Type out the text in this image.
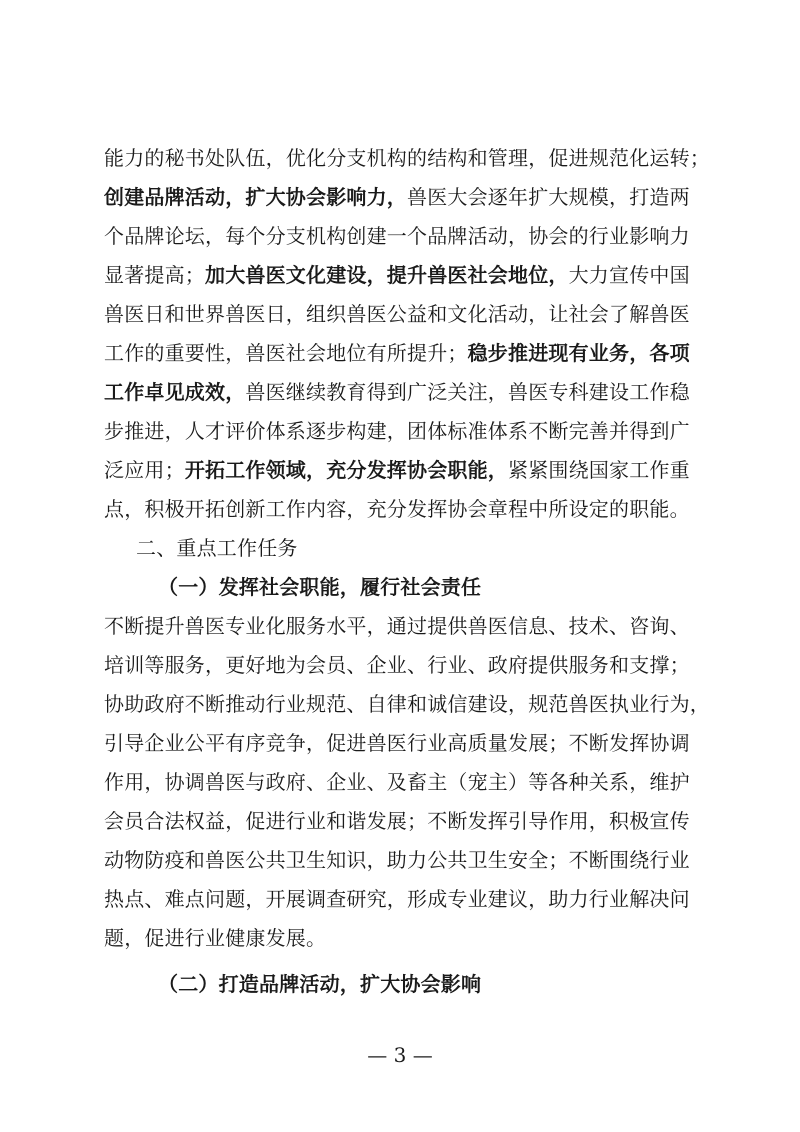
能力的秘书处队伍，优化分支机构的结构和管理，促进规范化运转；
创建品牌活动，扩大协会影响力，兽医大会逐年扩大规模，打造两
个品牌论坛，每个分支机构创建一个品牌活动，协会的行业影响力
显著提高；加大兽医文化建设，提升兽医社会地位，大力宣传中国
兽医日和世界兽医日，组织兽医公益和文化活动，让社会了解兽医
工作的重要性，兽医社会地位有所提升；稳步推进现有业务，各项
工作卓见成效，兽医继续教育得到广泛关注，兽医专科建设工作稳
步推进，人才评价体系逐步构建，团体标准体系不断完善并得到广
泛应用；开拓工作领域，充分发挥协会职能，紧紧围绕国家工作重
点，积极开拓创新工作内容，充分发挥协会章程中所设定的职能。
二、重点工作任务
（一）发挥社会职能，履行社会责任
不断提升兽医专业化服务水平，通过提供兽医信息、技术、咨询、
培训等服务，更好地为会员、企业、行业、政府提供服务和支撑；
协助政府不断推动行业规范、自律和诚信建设，规范兽医执业行为，
引导企业公平有序竞争，促进兽医行业高质量发展；不断发挥协调
作用，协调兽医与政府、企业、及畜主（宠主）等各种关系，维护
会员合法权益，促进行业和谐发展；不断发挥引导作用，积极宣传
动物防疫和兽医公共卫生知识，助力公共卫生安全；不断围绕行业
热点、难点问题，开展调查研究，形成专业建议，助力行业解决问
题，促进行业健康发展。
（二）打造品牌活动，扩大协会影响
— 3 —
